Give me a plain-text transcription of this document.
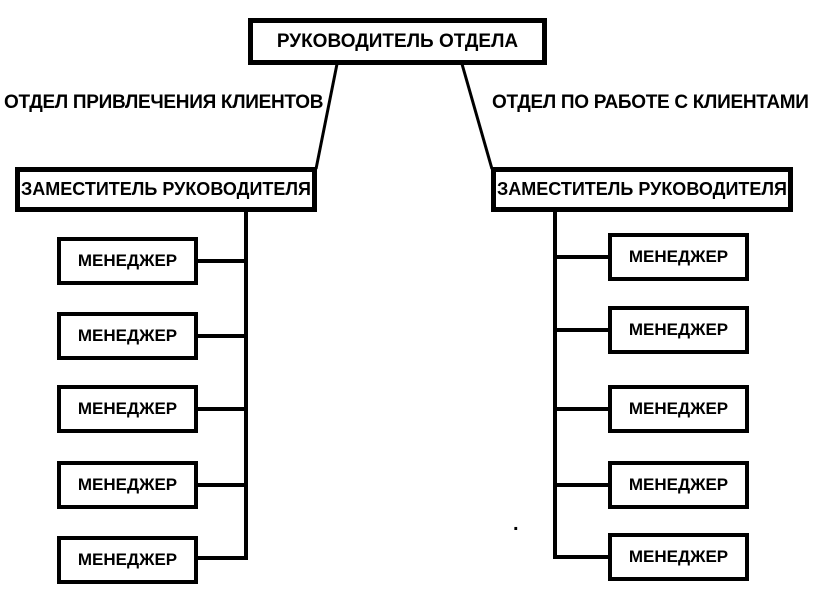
РУКОВОДИТЕЛЬ ОТДЕЛА
ОТДЕЛ ПРИВЛЕЧЕНИЯ КЛИЕНТОВ	ОТДЕЛ ПО РАБОТЕ С КЛИЕНТАМИ
ЗАМЕСТИТЕЛЬ РУКОВОДИТЕЛЯ	ЗАМЕСТИТЕЛЬ РУКОВОДИТЕЛЯ
МЕНЕДЖЕР
МЕНЕДЖЕР
МЕНЕДЖЕР
МЕНЕДЖЕР
МЕНЕДЖЕР
МЕНЕДЖЕР
МЕНЕДЖЕР
МЕНЕДЖЕР
МЕНЕДЖЕР
МЕНЕДЖЕР
.
